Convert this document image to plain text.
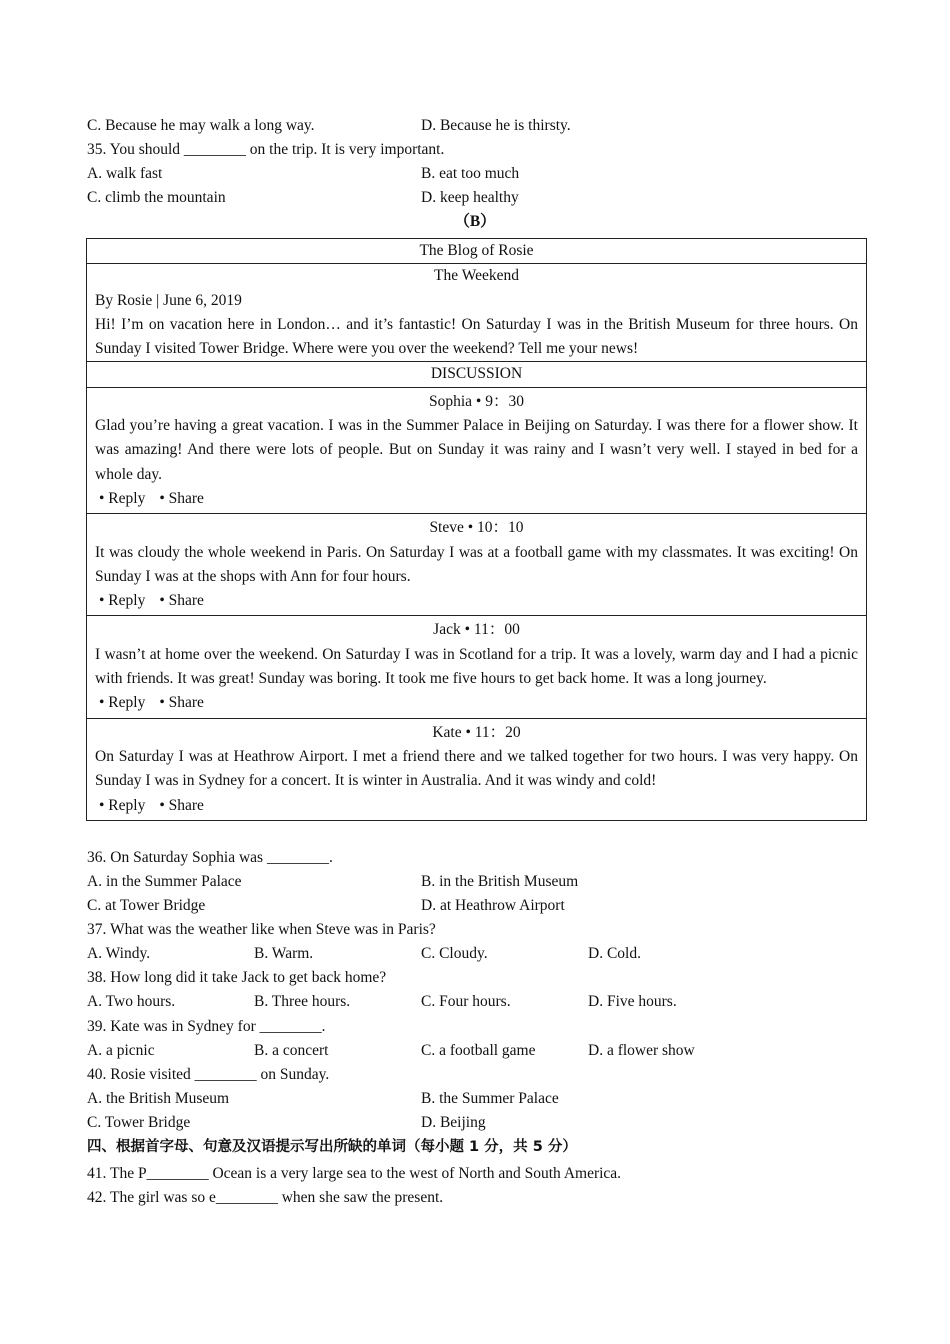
C. Because he may walk a long way.	D. Because he is thirsty.
35. You should ________ on the trip. It is very important.
A. walk fast	B. eat too much
C. climb the mountain	D. keep healthy
（B）
The Blog of Rosie

The Weekend
By Rosie | June 6, 2019
Hi! I’m on vacation here in London… and it’s fantastic! On Saturday I was in the British Museum for three hours. On Sunday I visited Tower Bridge. Where were you over the weekend? Tell me your news!

DISCUSSION

Sophia • 9：30
Glad you’re having a great vacation. I was in the Summer Palace in Beijing on Saturday. I was there for a flower show. It was amazing! And there were lots of people. But on Sunday it was rainy and I wasn’t very well. I stayed in bed for a whole day.
• Reply • Share

Steve • 10：10
It was cloudy the whole weekend in Paris. On Saturday I was at a football game with my classmates. It was exciting! On Sunday I was at the shops with Ann for four hours.
• Reply • Share

Jack • 11：00
I wasn’t at home over the weekend. On Saturday I was in Scotland for a trip. It was a lovely, warm day and I had a picnic with friends. It was great! Sunday was boring. It took me five hours to get back home. It was a long journey.
• Reply • Share

Kate • 11：20
On Saturday I was at Heathrow Airport. I met a friend there and we talked together for two hours. I was very happy. On Sunday I was in Sydney for a concert. It is winter in Australia. And it was windy and cold!
• Reply • Share
36. On Saturday Sophia was ________.
A. in the Summer Palace	B. in the British Museum
C. at Tower Bridge	D. at Heathrow Airport
37. What was the weather like when Steve was in Paris?
A. Windy.	B. Warm.	C. Cloudy.	D. Cold.
38. How long did it take Jack to get back home?
A. Two hours.	B. Three hours.	C. Four hours.	D. Five hours.
39. Kate was in Sydney for ________.
A. a picnic	B. a concert	C. a football game	D. a flower show
40. Rosie visited ________ on Sunday.
A. the British Museum	B. the Summer Palace
C. Tower Bridge	D. Beijing
四、根据首字母、句意及汉语提示写出所缺的单词（每小题 1 分，共 5 分）
41. The P________ Ocean is a very large sea to the west of North and South America.
42. The girl was so e________ when she saw the present.
